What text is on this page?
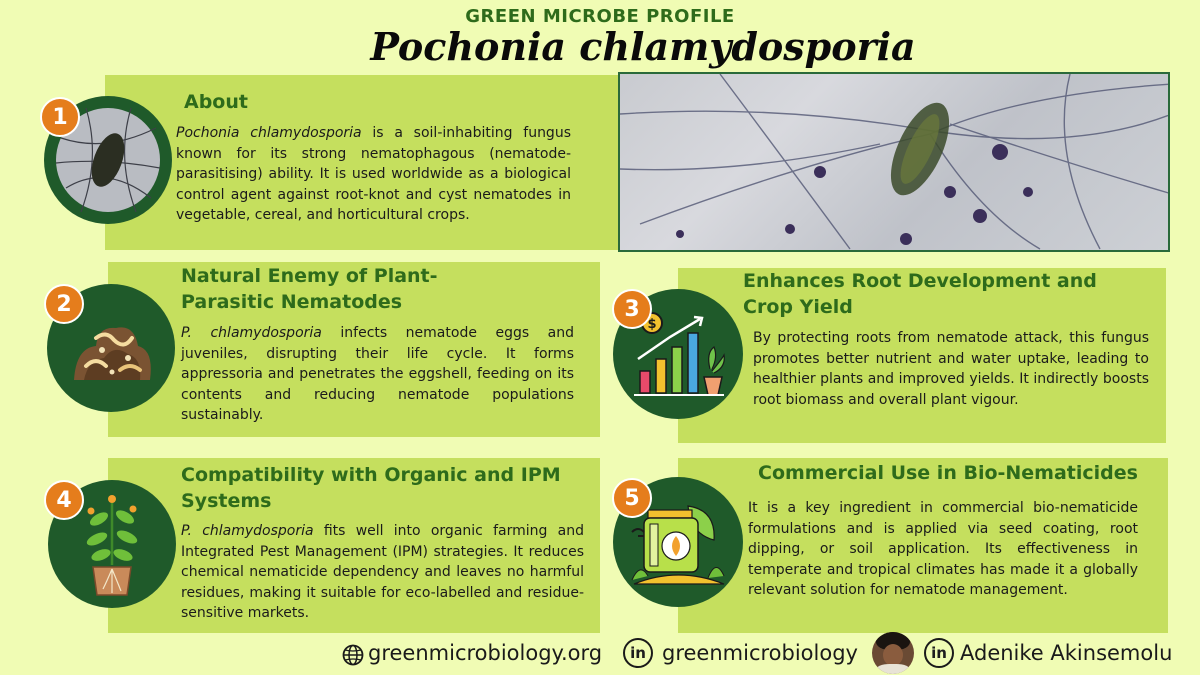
GREEN MICROBE PROFILE
Pochonia chlamydosporia
1
About
Pochonia chlamydosporia is a soil-inhabiting fungus known for its strong nematophagous (nematode-parasitising) ability. It is used worldwide as a biological control agent against root-knot and cyst nematodes in vegetable, cereal, and horticultural crops.
2
Natural Enemy of Plant-Parasitic Nematodes
P. chlamydosporia infects nematode eggs and juveniles, disrupting their life cycle. It forms appressoria and penetrates the eggshell, feeding on its contents and reducing nematode populations sustainably.
$
3
Enhances Root Development and Crop Yield
By protecting roots from nematode attack, this fungus promotes better nutrient and water uptake, leading to healthier plants and improved yields. It indirectly boosts root biomass and overall plant vigour.
4
Compatibility with Organic and IPM Systems
P. chlamydosporia fits well into organic farming and Integrated Pest Management (IPM) strategies. It reduces chemical nematicide dependency and leaves no harmful residues, making it suitable for eco-labelled and residue-sensitive markets.
5
Commercial Use in Bio-Nematicides
It is a key ingredient in commercial bio-nematicide formulations and is applied via seed coating, root dipping, or soil application. Its effectiveness in temperate and tropical climates has made it a globally relevant solution for nematode management.
greenmicrobiology.org	in greenmicrobiology	in Adenike Akinsemolu
